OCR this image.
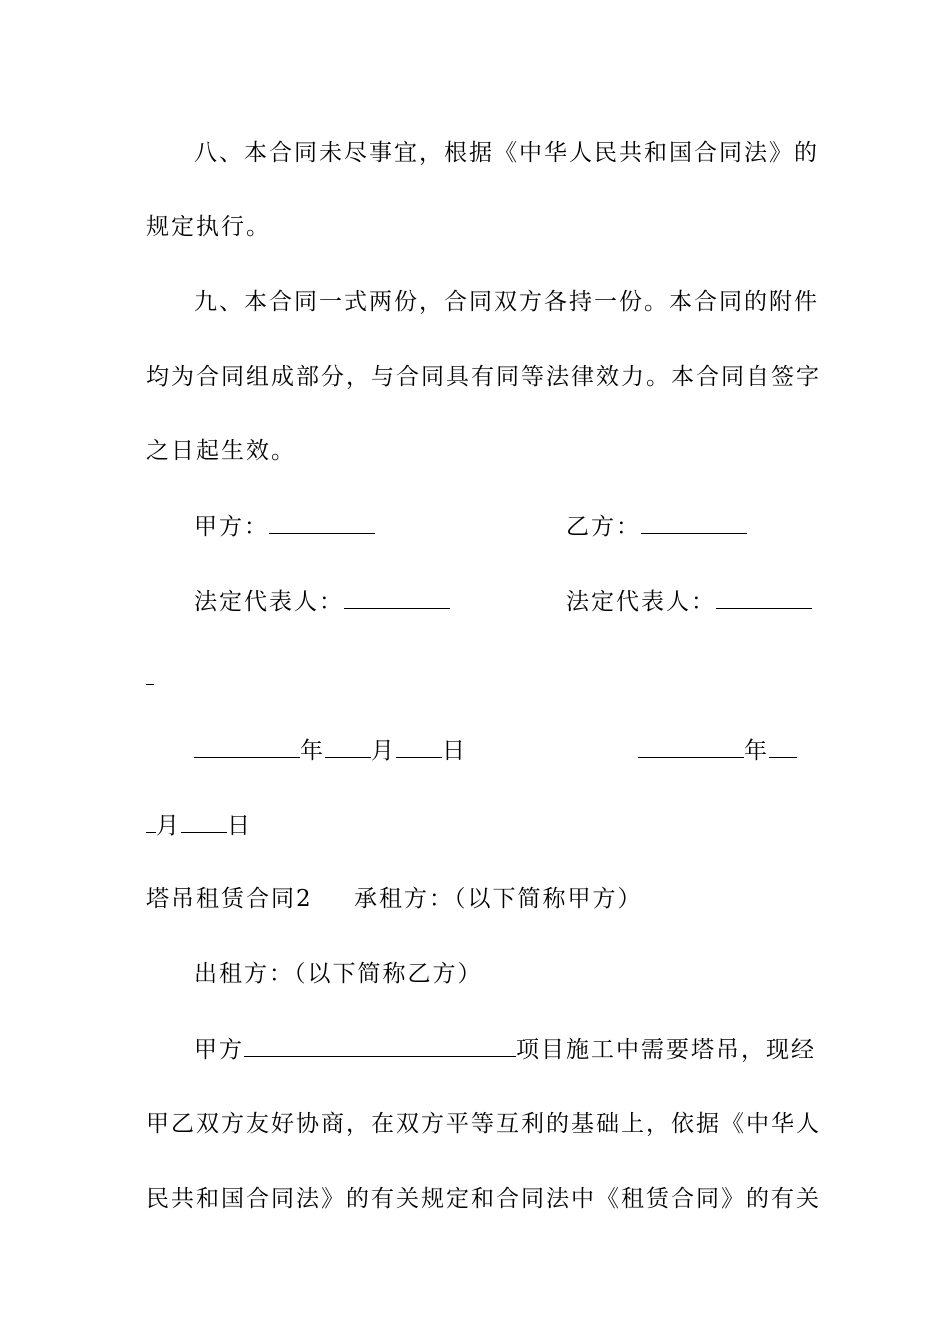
八、本合同未尽事宜，根据《中华人民共和国合同法》的
规定执行。
九、本合同一式两份，合同双方各持一份。本合同的附件
均为合同组成部分，与合同具有同等法律效力。本合同自签字
之日起生效。
甲方：	乙方：
法定代表人：	法定代表人：
年 月 日	年
月 日
塔吊租赁合同2 承租方：（以下简称甲方）
出租方：（以下简称乙方）
甲方	项目施工中需要塔吊，现经
甲乙双方友好协商，在双方平等互利的基础上，依据《中华人
民共和国合同法》的有关规定和合同法中《租赁合同》的有关
